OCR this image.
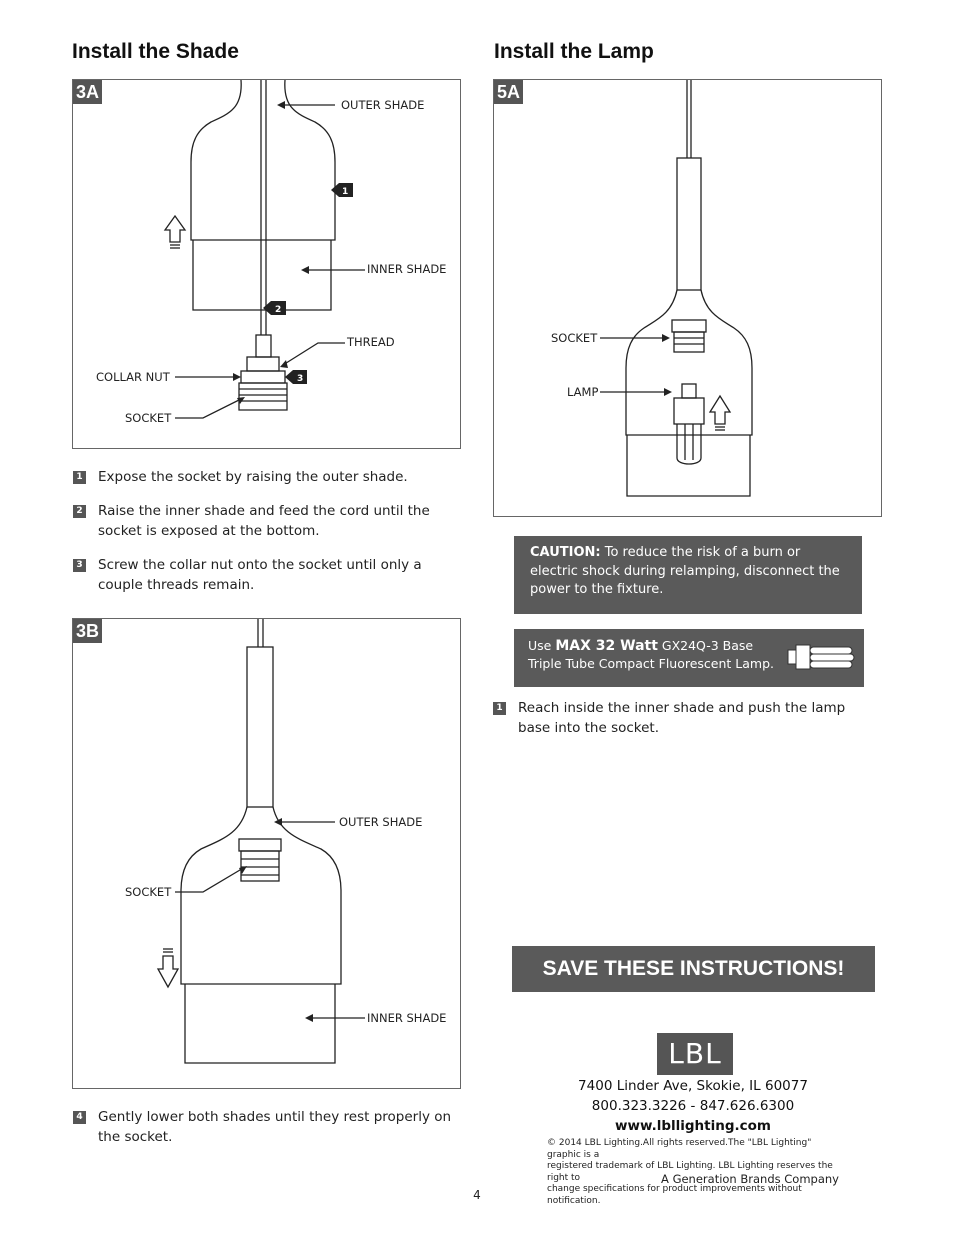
Install the Shade
3A
1
2
3
OUTER SHADE
INNER SHADE
THREAD
COLLAR NUT
SOCKET
1 Expose the socket by raising the outer shade.
2 Raise the inner shade and feed the cord until the socket is exposed at the bottom.
3 Screw the collar nut onto the socket until only a couple threads remain.
3B
OUTER SHADE
SOCKET
INNER SHADE
4 Gently lower both shades until they rest properly on the socket.
Install the Lamp
5A
SOCKET
LAMP
CAUTION: To reduce the risk of a burn or electric shock during relamping, disconnect the power to the fixture.
Use MAX 32 Watt GX24Q-3 Base
Triple Tube Compact Fluorescent Lamp.
1 Reach inside the inner shade and push the lamp base into the socket.
SAVE THESE INSTRUCTIONS!
LBL
7400 Linder Ave, Skokie, IL 60077
800.323.3226 - 847.626.6300
www.lbllighting.com
© 2014 LBL Lighting.All rights reserved.The "LBL Lighting" graphic is a
registered trademark of LBL Lighting. LBL Lighting reserves the right to
change specifications for product improvements without notification.
A Generation Brands Company
4
